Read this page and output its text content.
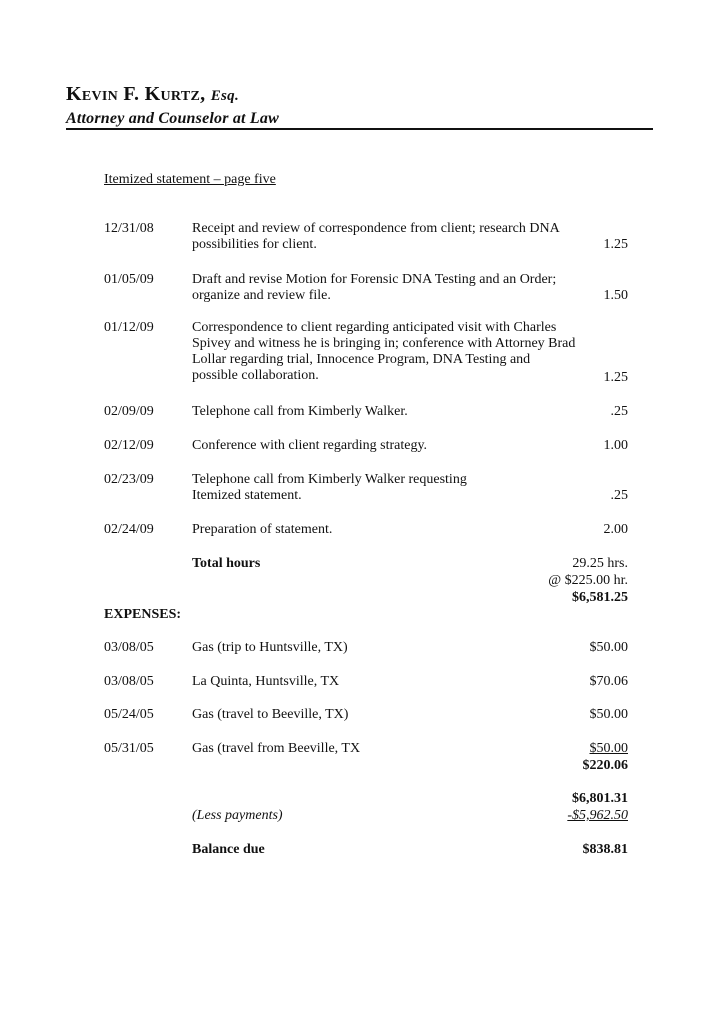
Kevin F. Kurtz, Esq.
Attorney and Counselor at Law
Itemized statement – page five
12/31/08	Receipt and review of correspondence from client; research DNA possibilities for client.	1.25
01/05/09	Draft and revise Motion for Forensic DNA Testing and an Order; organize and review file.	1.50
01/12/09	Correspondence to client regarding anticipated visit with Charles Spivey and witness he is bringing in; conference with Attorney Brad Lollar regarding trial, Innocence Program, DNA Testing and possible collaboration.	1.25
02/09/09	Telephone call from Kimberly Walker.	.25
02/12/09	Conference with client regarding strategy.	1.00
02/23/09	Telephone call from Kimberly Walker requesting Itemized statement.	.25
02/24/09	Preparation of statement.	2.00
Total hours	29.25 hrs.
@ $225.00 hr.
$6,581.25
EXPENSES:
03/08/05	Gas (trip to Huntsville, TX)	$50.00
03/08/05	La Quinta, Huntsville, TX	$70.06
05/24/05	Gas (travel to Beeville, TX)	$50.00
05/31/05	Gas (travel from Beeville, TX	$50.00
$220.06
$6,801.31
(Less payments)	-$5,962.50
Balance due	$838.81
